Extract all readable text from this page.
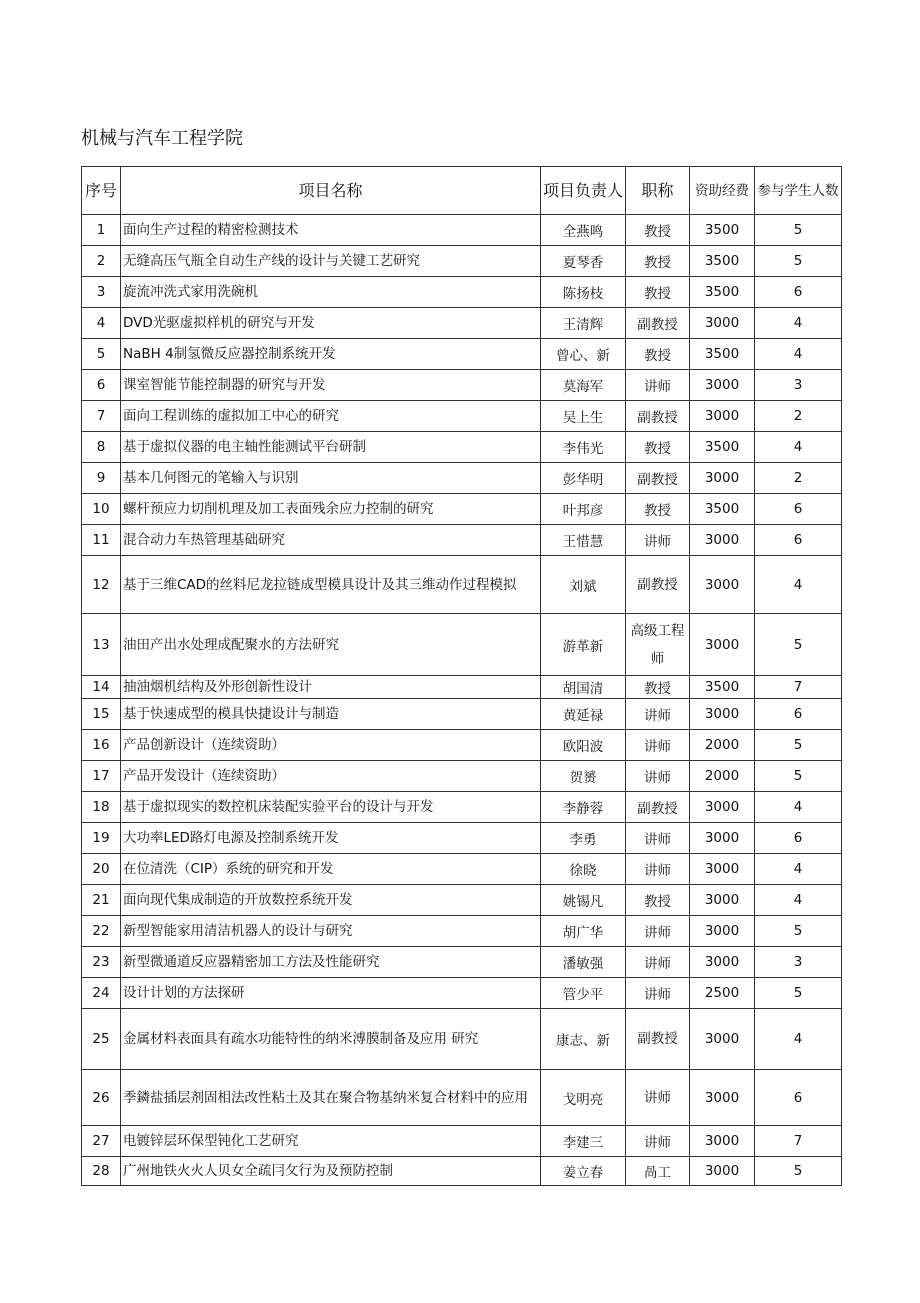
机械与汽车工程学院
序号	项目名称	项目负责人	职称	资助经费	参与学生人数
1	面向生产过程的精密检测技术	全燕鸣	教授	3500	5
2	无缝高压气瓶全自动生产线的设计与关键工艺研究	夏琴香	教授	3500	5
3	旋流冲洗式家用洗碗机	陈扬枝	教授	3500	6
4	DVD光驱虚拟样机的研究与开发	王清辉	副教授	3000	4
5	NaBH 4制氢微反应器控制系统开发	曾心、新	教授	3500	4
6	课室智能节能控制器的研究与开发	莫海军	讲师	3000	3
7	面向工程训练的虚拟加工中心的研究	吴上生	副教授	3000	2
8	基于虚拟仪器的电主轴性能测试平台研制	李伟光	教授	3500	4
9	基本几何图元的笔输入与识别	彭华明	副教授	3000	2
10	螺杆预应力切削机理及加工表面残余应力控制的研究	叶邦彦	教授	3500	6
11	混合动力车热管理基础研究	王惜慧	讲师	3000	6
12	基于三维CAD的丝料尼龙拉链成型模具设计及其三维动作过程模拟	刘斌	副教授	3000	4
13	油田产出水处理成配聚水的方法研究	游革新	高级工程师	3000	5
14	抽油烟机结构及外形创新性设计	胡国清	教授	3500	7
15	基于快速成型的模具快捷设计与制造	黄延禄	讲师	3000	6
16	产品创新设计（连续资助）	欧阳波	讲师	2000	5
17	产品开发设计（连续资助）	贺赟	讲师	2000	5
18	基于虚拟现实的数控机床装配实验平台的设计与开发	李静蓉	副教授	3000	4
19	大功率LED路灯电源及控制系统开发	李勇	讲师	3000	6
20	在位清洗（CIP）系统的研究和开发	徐晓	讲师	3000	4
21	面向现代集成制造的开放数控系统开发	姚锡凡	教授	3000	4
22	新型智能家用清洁机器人的设计与研究	胡广华	讲师	3000	5
23	新型微通道反应器精密加工方法及性能研究	潘敏强	讲师	3000	3
24	设计计划的方法探研	管少平	讲师	2500	5
25	金属材料表面具有疏水功能特性的纳米溥膜制备及应用 研究	康志、新	副教授	3000	4
26	季鏻盐插层剂固相法改性粘土及其在聚合物基纳米复合材料中的应用	戈明亮	讲师	3000	6
27	电镀锌层环保型钝化工艺研究	李建三	讲师	3000	7
28	广州地铁火火人贝女全疏冃攵行为及预防控制	姜立春	咼工	3000	5
